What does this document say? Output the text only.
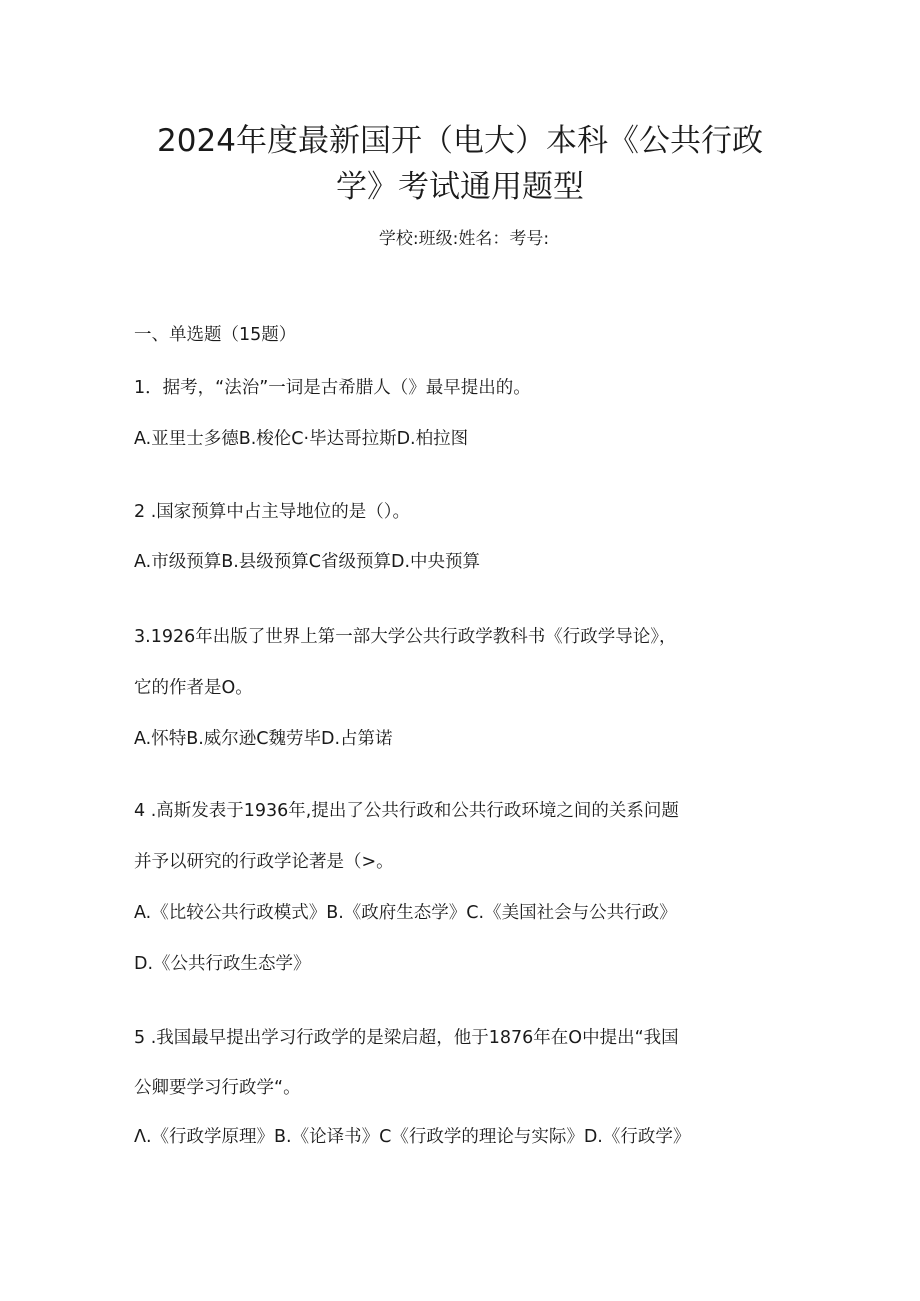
2024年度最新国开（电大）本科《公共行政
学》考试通用题型

学校:班级:姓名：考号:

一、单选题（15题）

1．据考，“法治”一词是古希腊人（》最早提出的。

A.亚里士多德B.梭伦C·毕达哥拉斯D.柏拉图

2 .国家预算中占主导地位的是（）。

A.市级预算B.县级预算C省级预算D.中央预算

3.1926年出版了世界上第一部大学公共行政学教科书《行政学导论》，

它的作者是O。

A.怀特B.威尔逊C魏劳毕D.占第诺

4 .高斯发表于1936年,提出了公共行政和公共行政环境之间的关系问题

并予以研究的行政学论著是（>。

A.《比较公共行政模式》B.《政府生态学》C.《美国社会与公共行政》

D.《公共行政生态学》

5 .我国最早提出学习行政学的是梁启超，他于1876年在O中提出“我国

公卿要学习行政学“。

Λ.《行政学原理》B.《论译书》C《行政学的理论与实际》D.《行政学》
